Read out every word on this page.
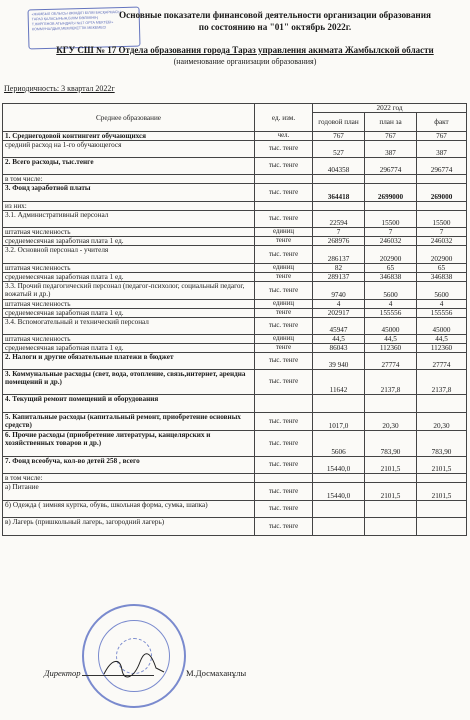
«ЖАМБЫЛ ОБЛЫСЫ ӘКІМДІГІ БІЛІМ БАСҚАРМАСЫ
ТАРАЗ ҚАЛАСЫНЫҢ БІЛІМ БӨЛІМІНІҢ
Т.ЖҰРГЕНОВ АТЫНДАҒЫ №17 ОРТА МЕКТЕБІ»
КОММУНАЛДЫҚ МЕМЛЕКЕТТІК МЕКЕМЕСІ
Основные показатели финансовой деятельности организации образования
по состоянию на "01" октябрь 2022г.
КГУ СШ № 17 Отдела образования города Тараз управления акимата Жамбылской области
(наименование организации образования)
Периодичность: 3 квартал 2022г
Среднее образование	ед. изм.	2022 год		
		годовой план	план за	факт
1. Среднегодовой контингент обучающихся	чел.	767	767	767
средний расход на 1-го обучающегося	тыс. тенге	527	387	387
2. Всего расходы, тыс.тенге	тыс. тенге	404358	296774	296774
в том числе:				
3. Фонд заработной платы	тыс. тенге	364418	2699000	269000
из них:				
3.1. Административный персонал	тыс. тенге	22594	15500	15500
штатная численность	единиц	7	7	7
среднемесячная заработная плата 1 ед.	тенге	268976	246032	246032
3.2. Основной персонал - учителя	тыс. тенге	286137	202900	202900
штатная численность	единиц	82	65	65
среднемесячная заработная плата 1 ед.	тенге	289137	346838	346838
3.3. Прочий педагогический персонал (педагог-психолог, социальный педагог, вожатый и др.)	тыс. тенге	9740	5600	5600
штатная численность	единиц	4	4	4
среднемесячная заработная плата 1 ед.	тенге	202917	155556	155556
3.4. Вспомогательный и технический персонал	тыс. тенге	45947	45000	45000
штатная численность	единиц	44,5	44,5	44,5
среднемесячная заработная плата 1 ед.	тенге	86043	112360	112360
2. Налоги и другие обязательные платежи в бюджет	тыс. тенге	39 940	27774	27774
3. Коммунальные расходы (свет, вода, отопление, связь,интернет, арендна помещений и др.)	тыс. тенге	11642	2137,8	2137,8
4. Текущий ремонт помещений и оборудования				
5. Капитальные расходы (капитальный ремонт, приобретение основных средств)	тыс. тенге	1017,0	20,30	20,30
6. Прочие расходы (приобретение литературы, канцелярских и хозяйственных товаров и др.)	тыс. тенге	5606	783,90	783,90
7. Фонд всеобуча, кол-во детей 258 , всего	тыс. тенге	15440,0	2101,5	2101,5
в том числе:				
а) Питание	тыс. тенге	15440,0	2101,5	2101,5
б) Одежда ( зимняя куртка, обувь, школьная форма, сумка, шапка)	тыс. тенге			
в) Лагерь (пришкольный лагерь, загородний лагерь)	тыс. тенге			
Директор	М.Досмаханұлы
